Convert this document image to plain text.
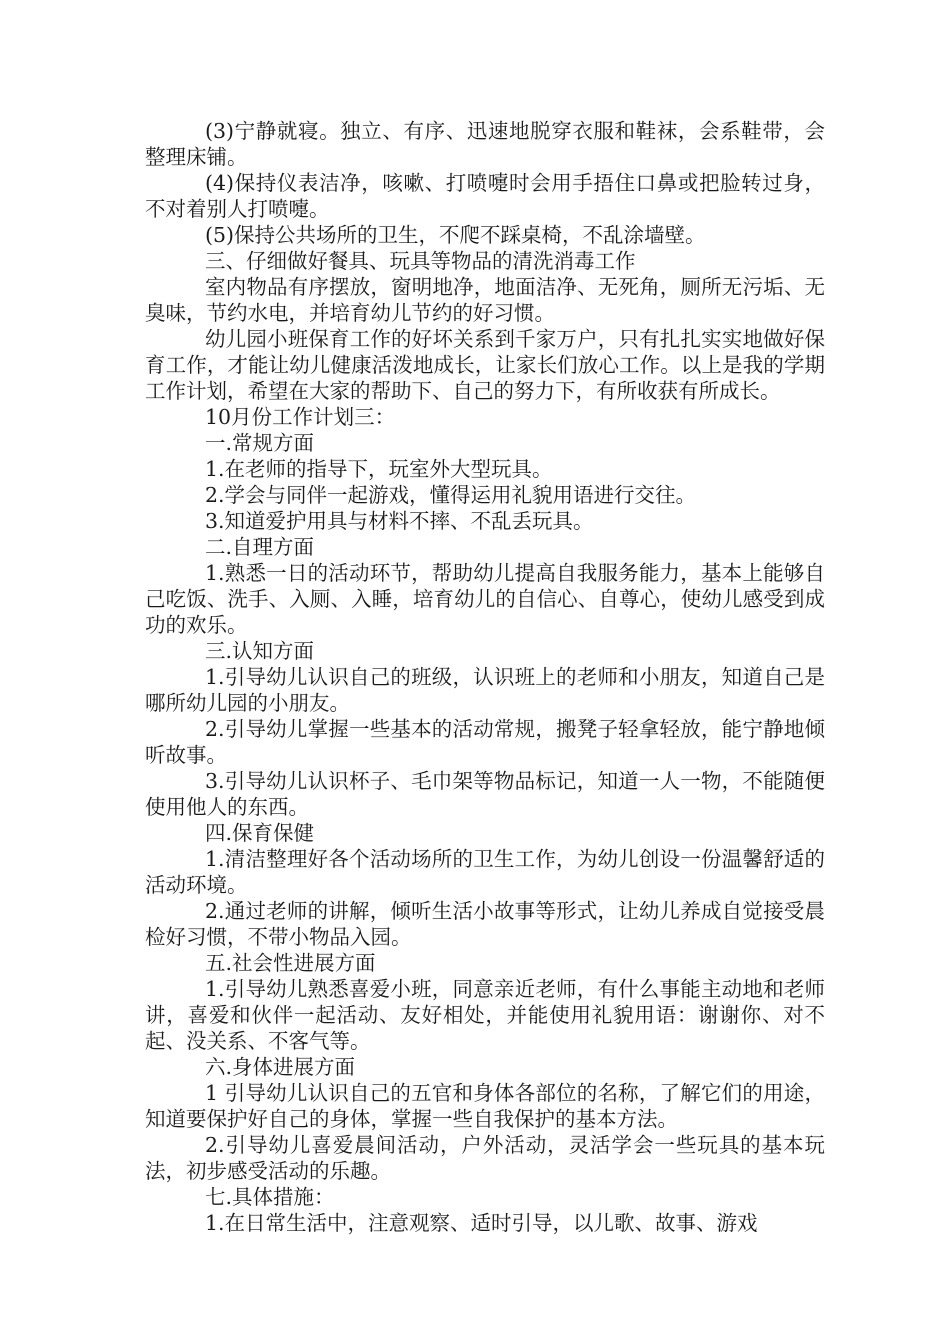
(3)宁静就寝。独立、有序、迅速地脱穿衣服和鞋袜，会系鞋带，会整理床铺。

(4)保持仪表洁净，咳嗽、打喷嚏时会用手捂住口鼻或把脸转过身，不对着别人打喷嚏。

(5)保持公共场所的卫生，不爬不踩桌椅，不乱涂墙壁。

三、仔细做好餐具、玩具等物品的清洗消毒工作

室内物品有序摆放，窗明地净，地面洁净、无死角，厕所无污垢、无臭味，节约水电，并培育幼儿节约的好习惯。

幼儿园小班保育工作的好坏关系到千家万户，只有扎扎实实地做好保育工作，才能让幼儿健康活泼地成长，让家长们放心工作。以上是我的学期工作计划，希望在大家的帮助下、自己的努力下，有所收获有所成长。

10月份工作计划三：

一.常规方面

1.在老师的指导下，玩室外大型玩具。

2.学会与同伴一起游戏，懂得运用礼貌用语进行交往。

3.知道爱护用具与材料不摔、不乱丢玩具。

二.自理方面

1.熟悉一日的活动环节，帮助幼儿提高自我服务能力，基本上能够自己吃饭、洗手、入厕、入睡，培育幼儿的自信心、自尊心，使幼儿感受到成功的欢乐。

三.认知方面

1.引导幼儿认识自己的班级，认识班上的老师和小朋友，知道自己是哪所幼儿园的小朋友。

2.引导幼儿掌握一些基本的活动常规，搬凳子轻拿轻放，能宁静地倾听故事。

3.引导幼儿认识杯子、毛巾架等物品标记，知道一人一物，不能随便使用他人的东西。

四.保育保健

1.清洁整理好各个活动场所的卫生工作，为幼儿创设一份温馨舒适的活动环境。

2.通过老师的讲解，倾听生活小故事等形式，让幼儿养成自觉接受晨检好习惯，不带小物品入园。

五.社会性进展方面

1.引导幼儿熟悉喜爱小班，同意亲近老师，有什么事能主动地和老师讲，喜爱和伙伴一起活动、友好相处，并能使用礼貌用语：谢谢你、对不起、没关系、不客气等。

六.身体进展方面

1 引导幼儿认识自己的五官和身体各部位的名称，了解它们的用途，知道要保护好自己的身体，掌握一些自我保护的基本方法。

2.引导幼儿喜爱晨间活动，户外活动，灵活学会一些玩具的基本玩法，初步感受活动的乐趣。

七.具体措施：

1.在日常生活中，注意观察、适时引导，以儿歌、故事、游戏
